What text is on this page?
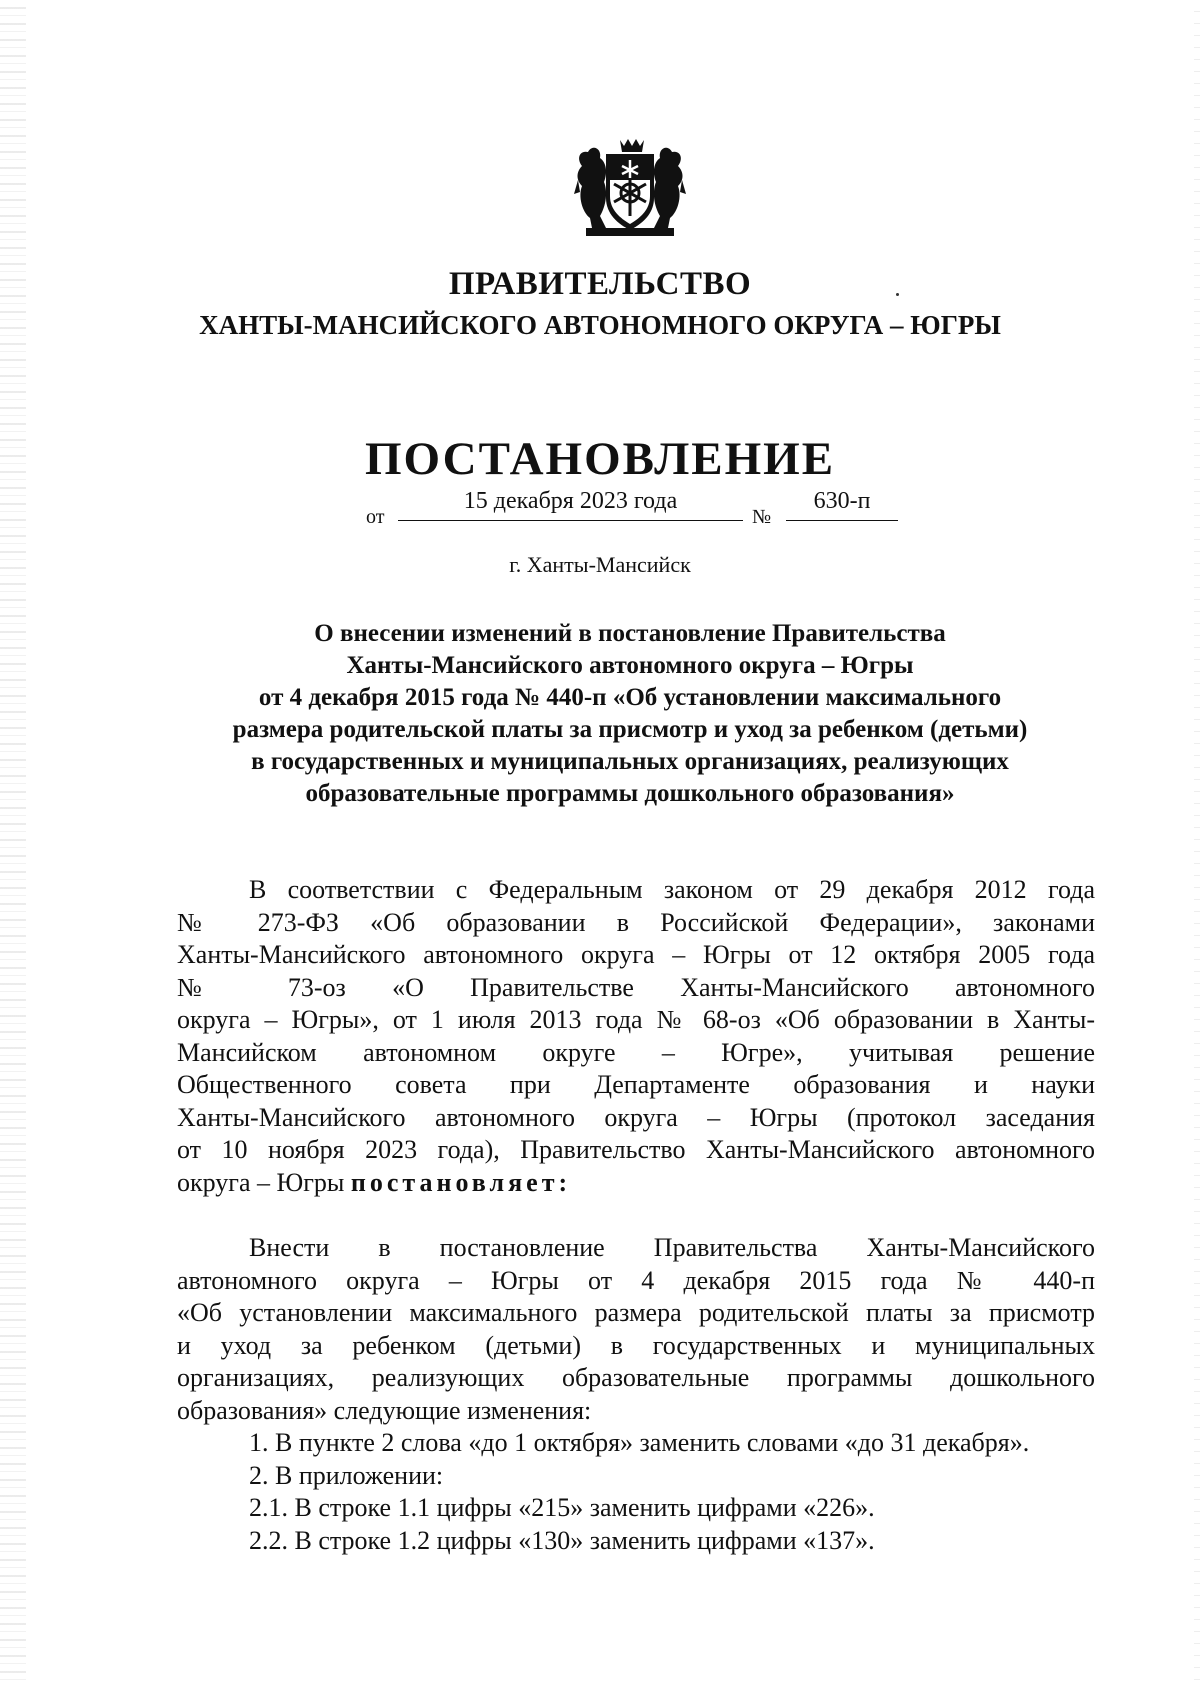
ПРАВИТЕЛЬСТВО
ХАНТЫ-МАНСИЙСКОГО АВТОНОМНОГО ОКРУГА – ЮГРЫ
ПОСТАНОВЛЕНИЕ
от
15 декабря 2023 года
№
630-п
г. Ханты-Мансийск
О внесении изменений в постановление Правительства
Ханты-Мансийского автономного округа – Югры
от 4 декабря 2015 года № 440-п «Об установлении максимального
размера родительской платы за присмотр и уход за ребенком (детьми)
в государственных и муниципальных организациях, реализующих
образовательные программы дошкольного образования»
В соответствии с Федеральным законом от 29 декабря 2012 года
№ 273-ФЗ «Об образовании в Российской Федерации», законами
Ханты-Мансийского автономного округа – Югры от 12 октября 2005 года
№ 73-оз «О Правительстве Ханты-Мансийского автономного
округа – Югры», от 1 июля 2013 года № 68-оз «Об образовании в Ханты-
Мансийском автономном округе – Югре», учитывая решение
Общественного совета при Департаменте образования и науки
Ханты-Мансийского автономного округа – Югры (протокол заседания
от 10 ноября 2023 года), Правительство Ханты-Мансийского автономного
округа – Югры постановляет:
Внести в постановление Правительства Ханты-Мансийского
автономного округа – Югры от 4 декабря 2015 года № 440-п
«Об установлении максимального размера родительской платы за присмотр
и уход за ребенком (детьми) в государственных и муниципальных
организациях, реализующих образовательные программы дошкольного
образования» следующие изменения:
1. В пункте 2 слова «до 1 октября» заменить словами «до 31 декабря».
2. В приложении:
2.1. В строке 1.1 цифры «215» заменить цифрами «226».
2.2. В строке 1.2 цифры «130» заменить цифрами «137».
